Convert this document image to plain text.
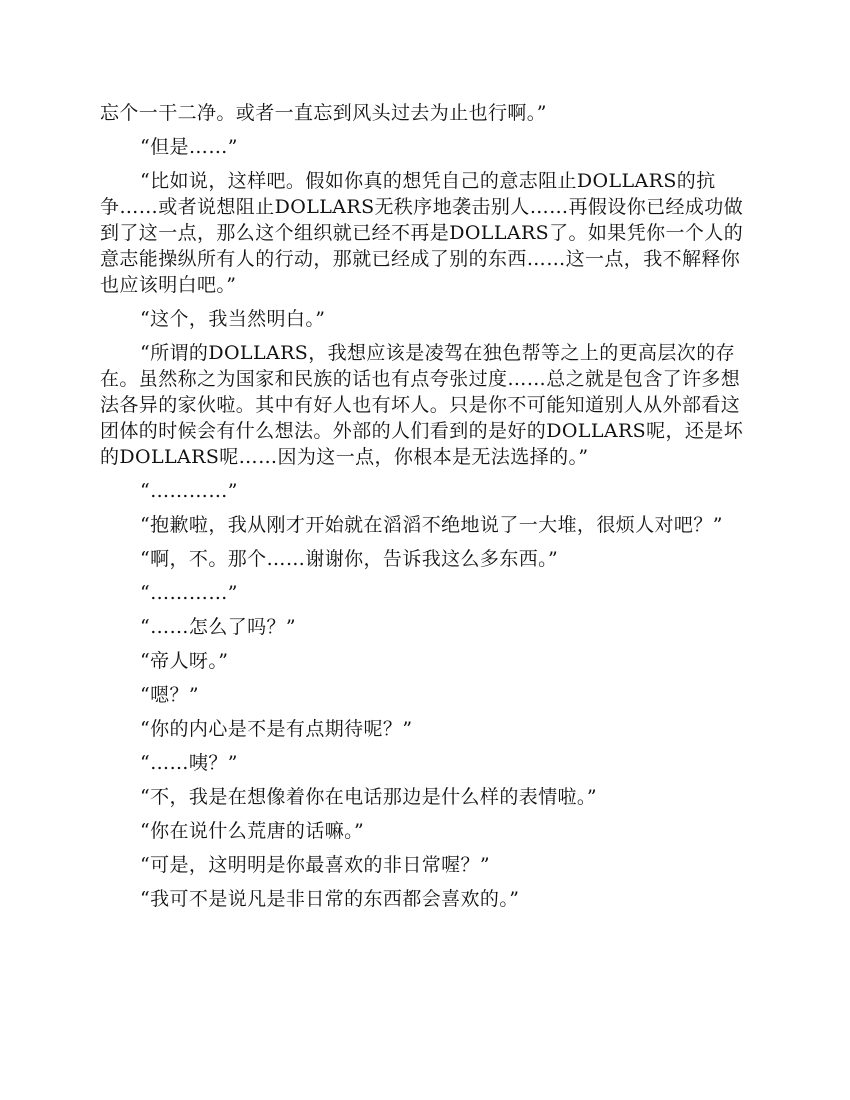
忘个一干二净。或者一直忘到风头过去为止也行啊。”

“但是……”

“比如说，这样吧。假如你真的想凭自己的意志阻止DOLLARS的抗争……或者说想阻止DOLLARS无秩序地袭击别人……再假设你已经成功做到了这一点，那么这个组织就已经不再是DOLLARS了。如果凭你一个人的意志能操纵所有人的行动，那就已经成了别的东西……这一点，我不解释你也应该明白吧。”

“这个，我当然明白。”

“所谓的DOLLARS，我想应该是凌驾在独色帮等之上的更高层次的存在。虽然称之为国家和民族的话也有点夸张过度……总之就是包含了许多想法各异的家伙啦。其中有好人也有坏人。只是你不可能知道别人从外部看这团体的时候会有什么想法。外部的人们看到的是好的DOLLARS呢，还是坏的DOLLARS呢……因为这一点，你根本是无法选择的。”

“…………”

“抱歉啦，我从刚才开始就在滔滔不绝地说了一大堆，很烦人对吧？”

“啊，不。那个……谢谢你，告诉我这么多东西。”

“…………”

“……怎么了吗？”

“帝人呀。”

“嗯？”

“你的内心是不是有点期待呢？”

“……咦？”

“不，我是在想像着你在电话那边是什么样的表情啦。”

“你在说什么荒唐的话嘛。”

“可是，这明明是你最喜欢的非日常喔？”

“我可不是说凡是非日常的东西都会喜欢的。”
